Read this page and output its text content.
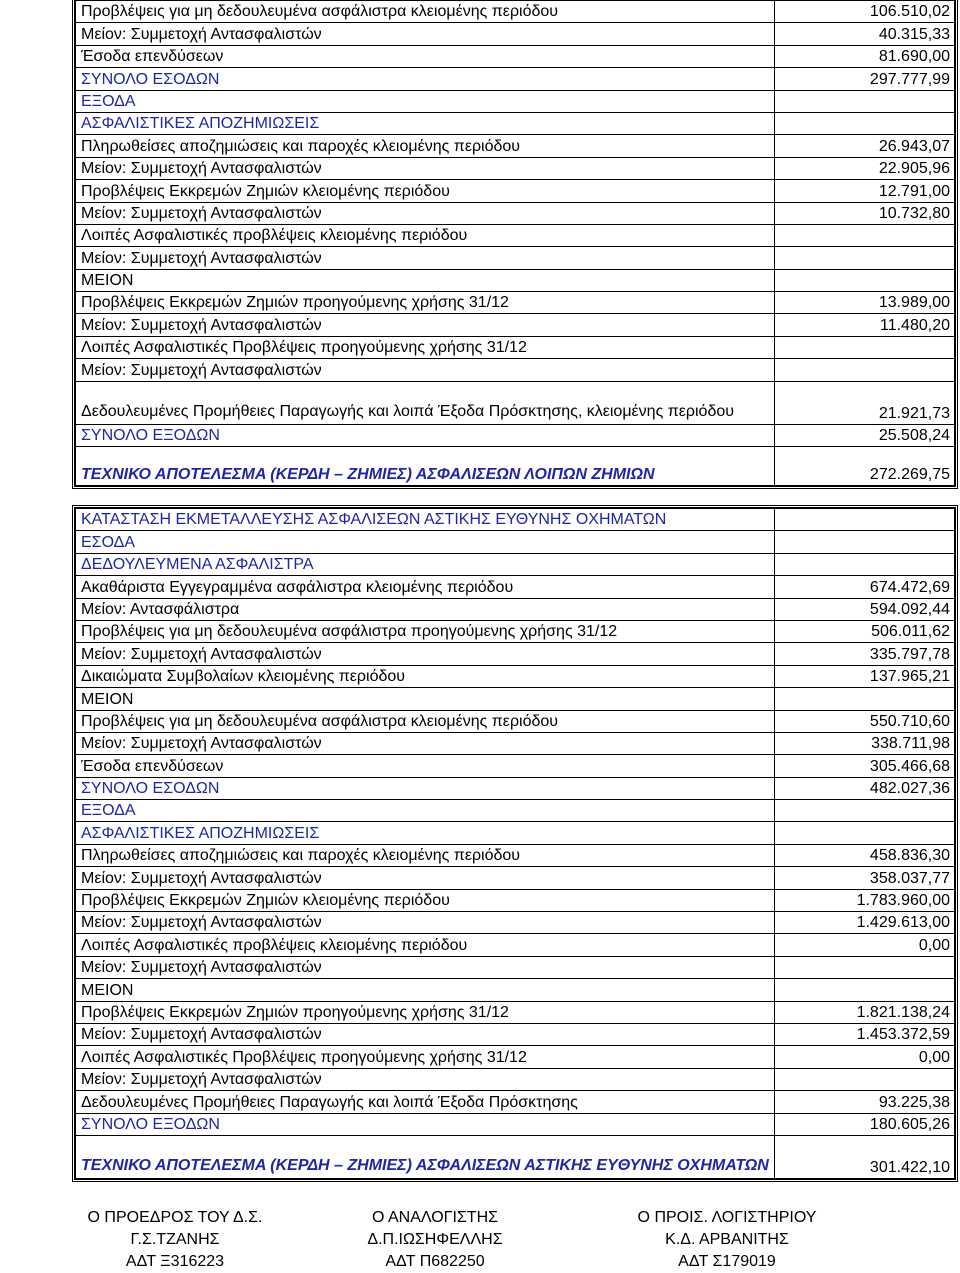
Προβλέψεις για μη δεδουλευμένα ασφάλιστρα κλειομένης περιόδου	106.510,02
Μείον: Συμμετοχή Αντασφαλιστών	40.315,33
Έσοδα επενδύσεων	81.690,00
ΣΥΝΟΛΟ ΕΣΟΔΩΝ	297.777,99
ΕΞΟΔΑ	
ΑΣΦΑΛΙΣΤΙΚΕΣ ΑΠΟΖΗΜΙΩΣΕΙΣ	
Πληρωθείσες αποζημιώσεις και παροχές κλειομένης περιόδου	26.943,07
Μείον: Συμμετοχή Αντασφαλιστών	22.905,96
Προβλέψεις Εκκρεμών Ζημιών κλειομένης περιόδου	12.791,00
Μείον: Συμμετοχή Αντασφαλιστών	10.732,80
Λοιπές Ασφαλιστικές προβλέψεις κλειομένης περιόδου	
Μείον: Συμμετοχή Αντασφαλιστών	
ΜΕΙΟΝ	
Προβλέψεις Εκκρεμών Ζημιών προηγούμενης χρήσης 31/12	13.989,00
Μείον: Συμμετοχή Αντασφαλιστών	11.480,20
Λοιπές Ασφαλιστικές Προβλέψεις προηγούμενης χρήσης 31/12	
Μείον: Συμμετοχή Αντασφαλιστών	
Δεδουλευμένες Προμήθειες Παραγωγής και λοιπά Έξοδα Πρόσκτησης, κλειομένης περιόδου	21.921,73
ΣΥΝΟΛΟ ΕΞΟΔΩΝ	25.508,24
ΤΕΧΝΙΚΟ ΑΠΟΤΕΛΕΣΜΑ (ΚΕΡΔΗ – ΖΗΜΙΕΣ) ΑΣΦΑΛΙΣΕΩΝ ΛΟΙΠΩΝ ΖΗΜΙΩΝ	272.269,75
ΚΑΤΑΣΤΑΣΗ ΕΚΜΕΤΑΛΛΕΥΣΗΣ ΑΣΦΑΛΙΣΕΩΝ ΑΣΤΙΚΗΣ ΕΥΘΥΝΗΣ ΟΧΗΜΑΤΩΝ	
ΕΣΟΔΑ	
ΔΕΔΟΥΛΕΥΜΕΝΑ ΑΣΦΑΛΙΣΤΡΑ	
Ακαθάριστα Εγγεγραμμένα ασφάλιστρα κλειομένης περιόδου	674.472,69
Μείον: Αντασφάλιστρα	594.092,44
Προβλέψεις για μη δεδουλευμένα ασφάλιστρα προηγούμενης χρήσης 31/12	506.011,62
Μείον: Συμμετοχή Αντασφαλιστών	335.797,78
Δικαιώματα Συμβολαίων κλειομένης περιόδου	137.965,21
ΜΕΙΟΝ	
Προβλέψεις για μη δεδουλευμένα ασφάλιστρα κλειομένης περιόδου	550.710,60
Μείον: Συμμετοχή Αντασφαλιστών	338.711,98
Έσοδα επενδύσεων	305.466,68
ΣΥΝΟΛΟ ΕΣΟΔΩΝ	482.027,36
ΕΞΟΔΑ	
ΑΣΦΑΛΙΣΤΙΚΕΣ ΑΠΟΖΗΜΙΩΣΕΙΣ	
Πληρωθείσες αποζημιώσεις και παροχές κλειομένης περιόδου	458.836,30
Μείον: Συμμετοχή Αντασφαλιστών	358.037,77
Προβλέψεις Εκκρεμών Ζημιών κλειομένης περιόδου	1.783.960,00
Μείον: Συμμετοχή Αντασφαλιστών	1.429.613,00
Λοιπές Ασφαλιστικές προβλέψεις κλειομένης περιόδου	0,00
Μείον: Συμμετοχή Αντασφαλιστών	
ΜΕΙΟΝ	
Προβλέψεις Εκκρεμών Ζημιών προηγούμενης χρήσης 31/12	1.821.138,24
Μείον: Συμμετοχή Αντασφαλιστών	1.453.372,59
Λοιπές Ασφαλιστικές Προβλέψεις προηγούμενης χρήσης 31/12	0,00
Μείον: Συμμετοχή Αντασφαλιστών	
Δεδουλευμένες Προμήθειες Παραγωγής και λοιπά Έξοδα Πρόσκτησης	93.225,38
ΣΥΝΟΛΟ ΕΞΟΔΩΝ	180.605,26
ΤΕΧΝΙΚΟ ΑΠΟΤΕΛΕΣΜΑ (ΚΕΡΔΗ – ΖΗΜΙΕΣ) ΑΣΦΑΛΙΣΕΩΝ ΑΣΤΙΚΗΣ ΕΥΘΥΝΗΣ ΟΧΗΜΑΤΩΝ	301.422,10
Ο ΠΡΟΕΔΡΟΣ ΤΟΥ Δ.Σ.
Γ.Σ.ΤΖΑΝΗΣ
ΑΔΤ Ξ316223
Ο ΑΝΑΛΟΓΙΣΤΗΣ
Δ.Π.ΙΩΣΗΦΕΛΛΗΣ
ΑΔΤ Π682250
Ο ΠΡΟΙΣ. ΛΟΓΙΣΤΗΡΙΟΥ
Κ.Δ. ΑΡΒΑΝΙΤΗΣ
ΑΔΤ Σ179019
